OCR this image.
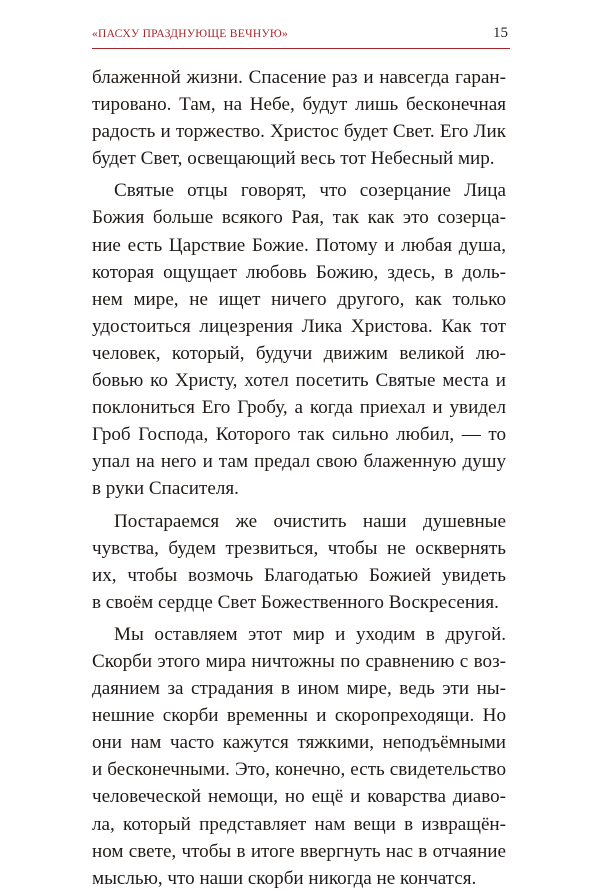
«ПАСХУ ПРАЗДНУЮЩЕ ВЕЧНУЮ»	15
блаженной жизни. Спасение раз и навсегда гаран-
тировано. Там, на Небе, будут лишь бесконечная
радость и торжество. Христос будет Свет. Его Лик
будет Свет, освещающий весь тот Небесный мир.
Святые отцы говорят, что созерцание Лица
Божия больше всякого Рая, так как это созерца-
ние есть Царствие Божие. Потому и любая душа,
которая ощущает любовь Божию, здесь, в доль-
нем мире, не ищет ничего другого, как только
удостоиться лицезрения Лика Христова. Как тот
человек, который, будучи движим великой лю-
бовью ко Христу, хотел посетить Святые места и
поклониться Его Гробу, а когда приехал и увидел
Гроб Господа, Которого так сильно любил, — то
упал на него и там предал свою блаженную душу
в руки Спасителя.
Постараемся же очистить наши душевные
чувства, будем трезвиться, чтобы не осквернять
их, чтобы возмочь Благодатью Божией увидеть
в своём сердце Свет Божественного Воскресения.
Мы оставляем этот мир и уходим в другой.
Скорби этого мира ничтожны по сравнению с воз-
даянием за страдания в ином мире, ведь эти ны-
нешние скорби временны и скоропреходящи. Но
они нам часто кажутся тяжкими, неподъёмными
и бесконечными. Это, конечно, есть свидетельство
человеческой немощи, но ещё и коварства диаво-
ла, который представляет нам вещи в извращён-
ном свете, чтобы в итоге ввергнуть нас в отчаяние
мыслью, что наши скорби никогда не кончатся.
